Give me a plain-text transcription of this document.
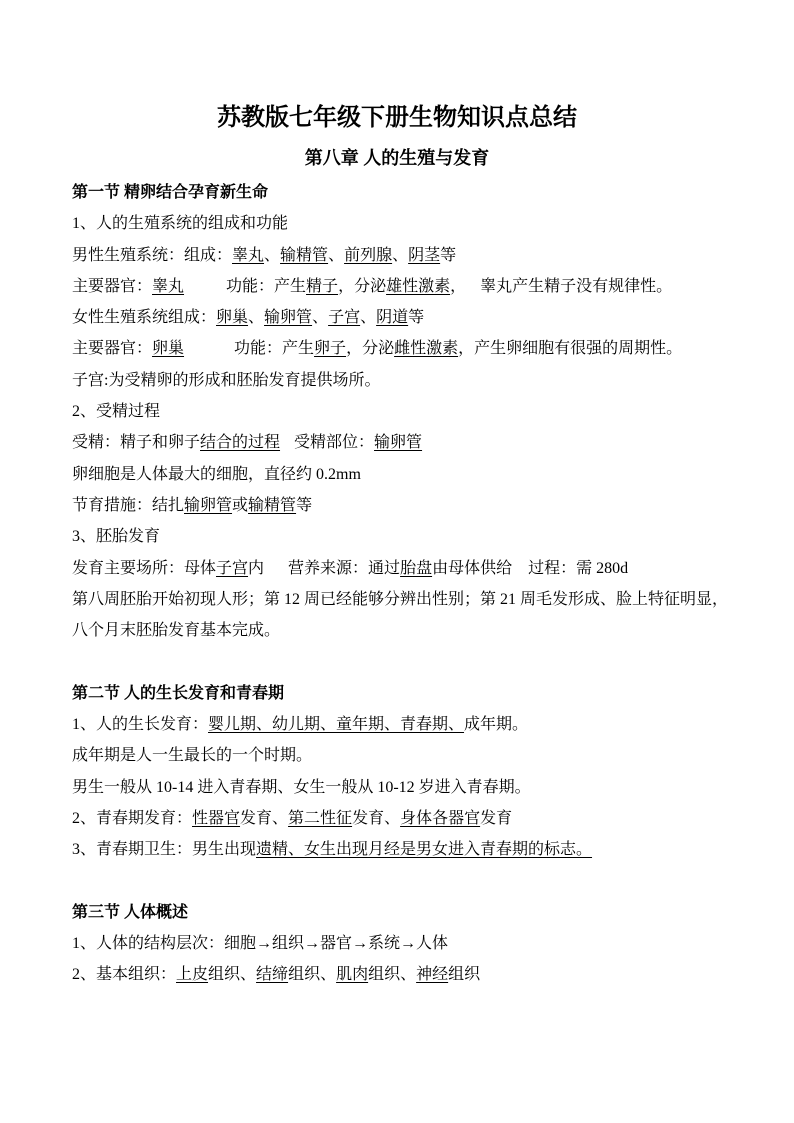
苏教版七年级下册生物知识点总结
第八章 人的生殖与发育

第一节 精卵结合孕育新生命

1、人的生殖系统的组成和功能

男性生殖系统：组成：睾丸、输精管、前列腺、阴茎等

主要器官：睾丸	功能：产生精子，分泌雄性激素， 睾丸产生精子没有规律性。

女性生殖系统组成：卵巢、输卵管、子宫、阴道等

主要器官：卵巢	功能：产生卵子，分泌雌性激素，产生卵细胞有很强的周期性。

子宫:为受精卵的形成和胚胎发育提供场所。

2、受精过程

受精：精子和卵子结合的过程 受精部位：输卵管

卵细胞是人体最大的细胞，直径约 0.2mm

节育措施：结扎输卵管或输精管等

3、胚胎发育

发育主要场所：母体子宫内 营养来源：通过胎盘由母体供给 过程：需 280d

第八周胚胎开始初现人形；第 12 周已经能够分辨出性别；第 21 周毛发形成、脸上特征明显，

八个月末胚胎发育基本完成。

第二节 人的生长发育和青春期

1、人的生长发育：婴儿期、幼儿期、童年期、青春期、成年期。

成年期是人一生最长的一个时期。

男生一般从 10-14 进入青春期、女生一般从 10-12 岁进入青春期。

2、青春期发育：性器官发育、第二性征发育、身体各器官发育

3、青春期卫生：男生出现遗精、女生出现月经是男女进入青春期的标志。

第三节 人体概述

1、人体的结构层次：细胞→组织→器官→系统→人体

2、基本组织：上皮组织、结缔组织、肌肉组织、神经组织
